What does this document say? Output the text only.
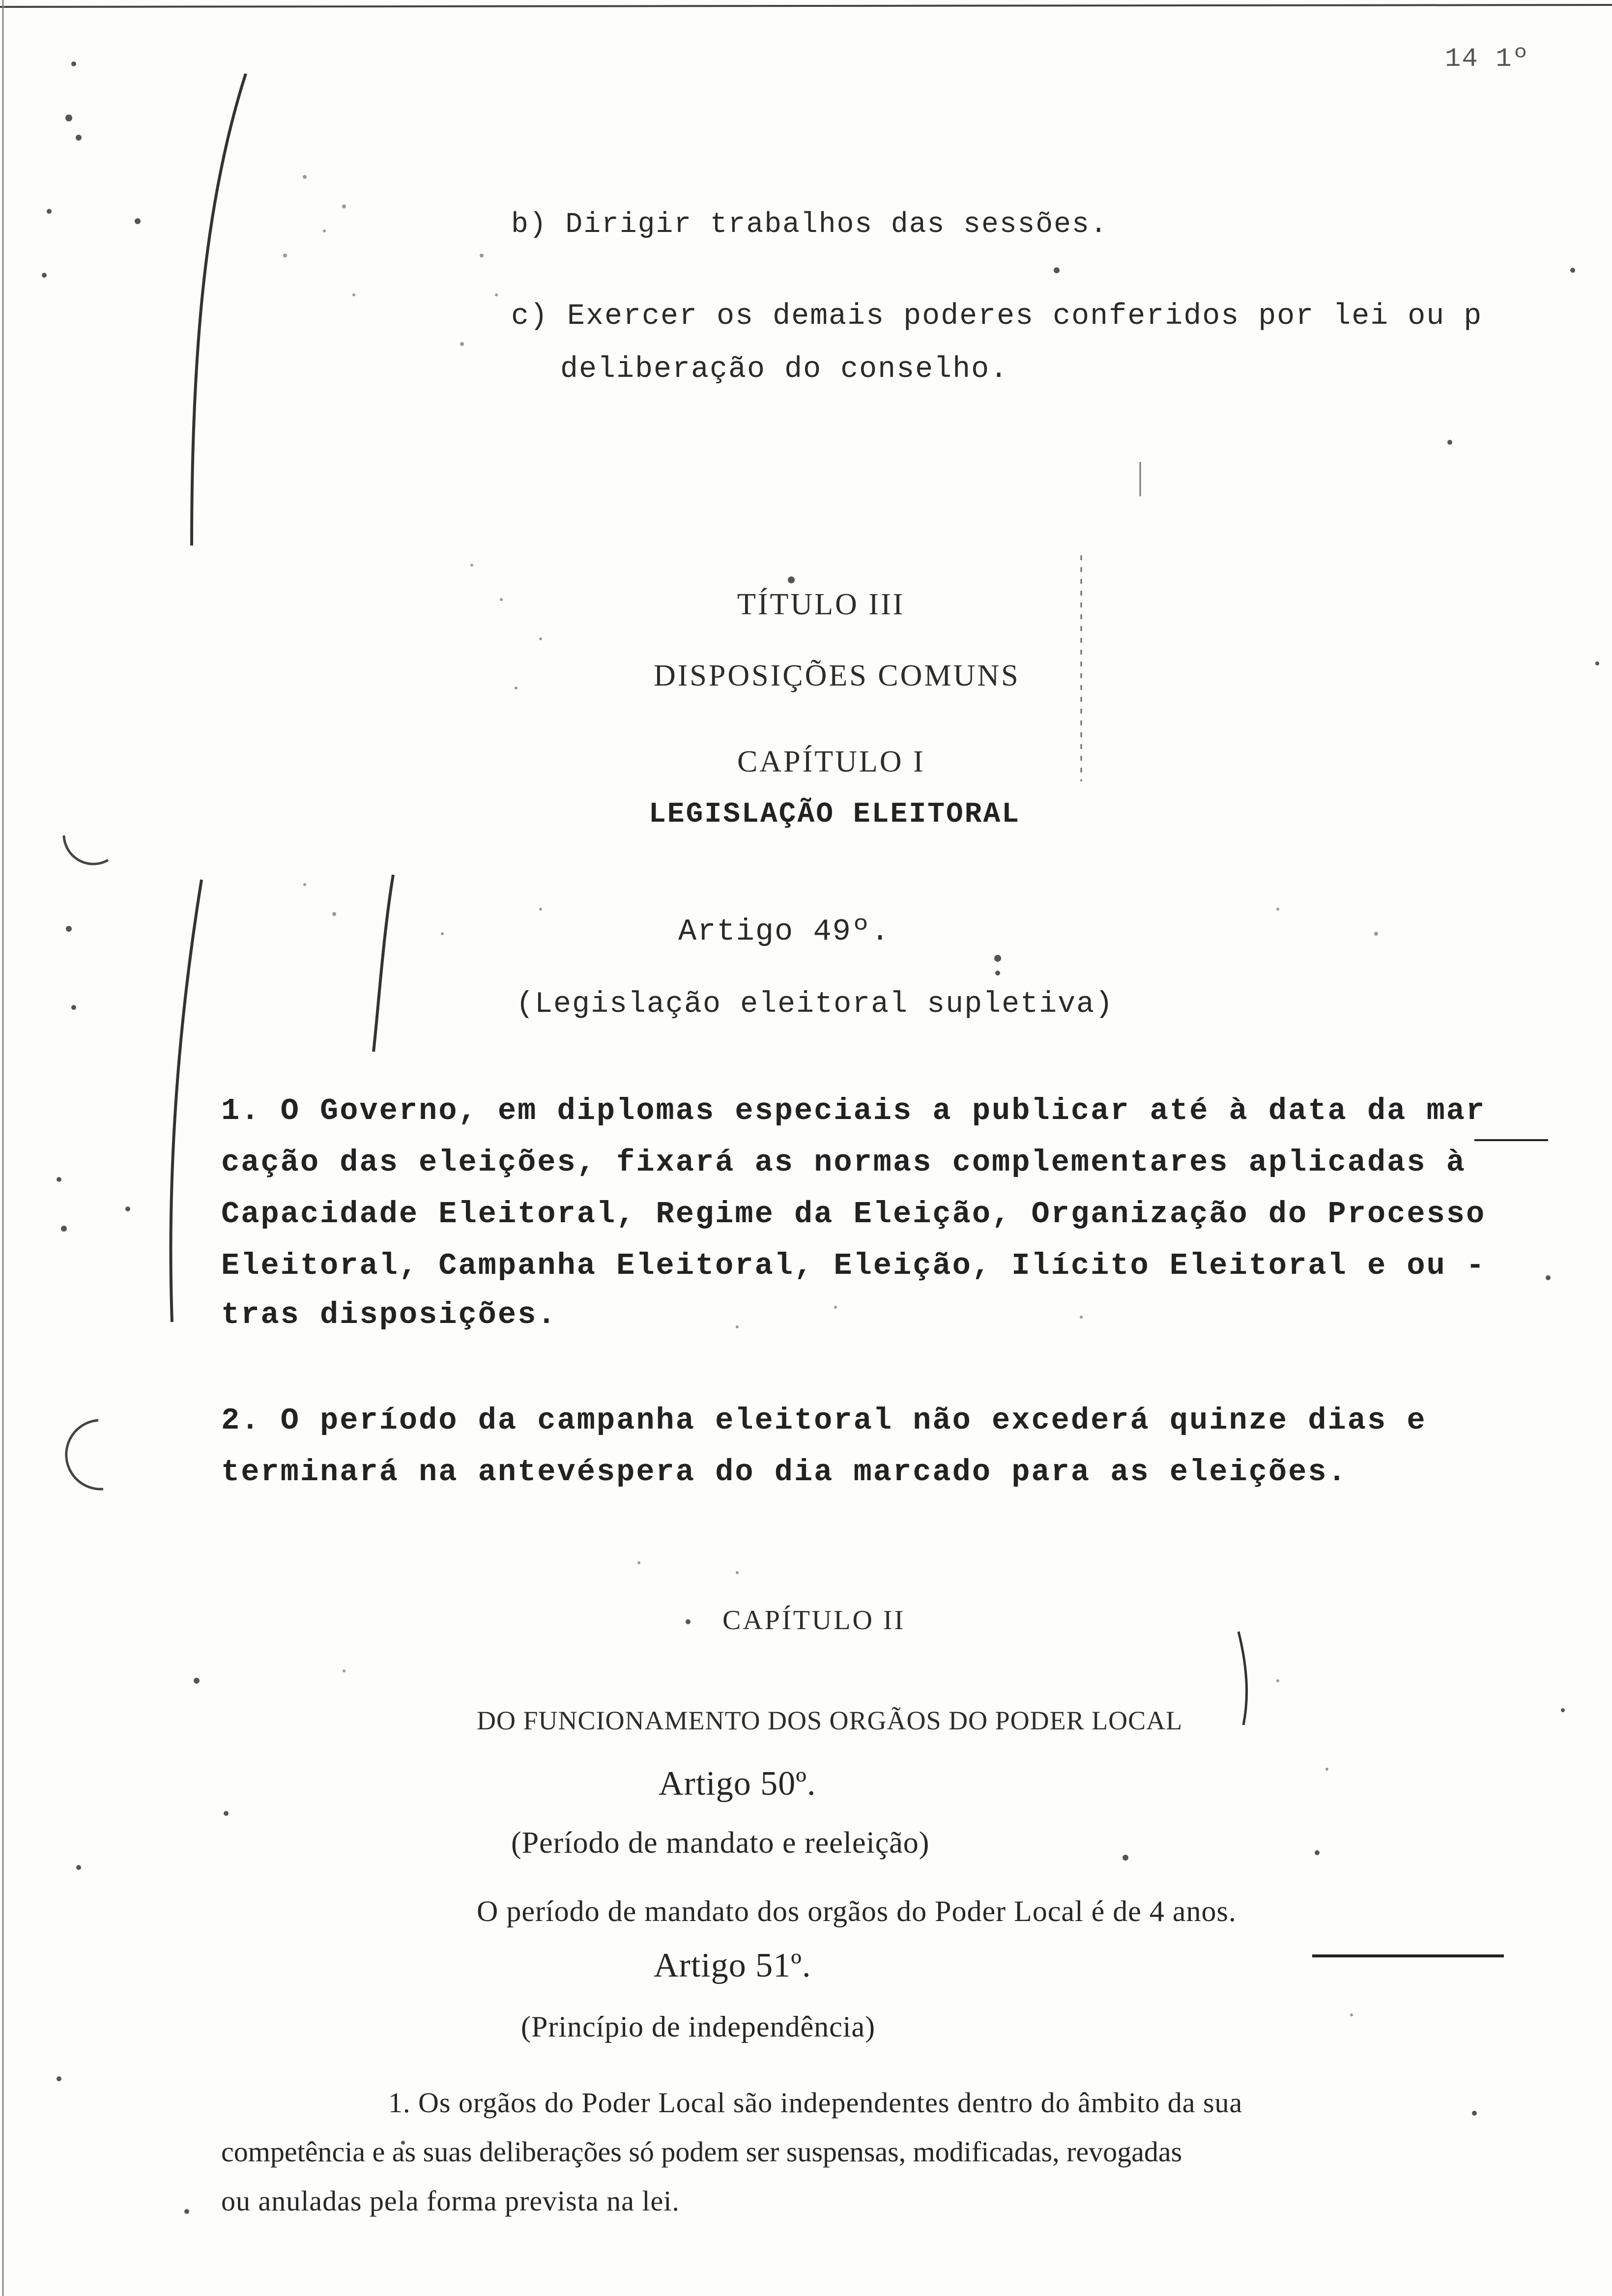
14 1º
b) Dirigir trabalhos das sessões.
c) Exercer os demais poderes conferidos por lei ou p
deliberação do conselho.
TÍTULO III
DISPOSIÇÕES COMUNS
CAPÍTULO I
LEGISLAÇÃO ELEITORAL
Artigo 49º.
(Legislação eleitoral supletiva)
1. O Governo, em diplomas especiais a publicar até à data da mar
cação das eleições, fixará as normas complementares aplicadas à
Capacidade Eleitoral, Regime da Eleição, Organização do Processo
Eleitoral, Campanha Eleitoral, Eleição, Ilícito Eleitoral e ou -
tras disposições.
2. O período da campanha eleitoral não excederá quinze dias e
terminará na antevéspera do dia marcado para as eleições.
CAPÍTULO II
DO FUNCIONAMENTO DOS ORGÃOS DO PODER LOCAL
Artigo 50º.
(Período de mandato e reeleição)
O período de mandato dos orgãos do Poder Local é de 4 anos.
Artigo 51º.
(Princípio de independência)
1. Os orgãos do Poder Local são independentes dentro do âmbito da sua
competência e as suas deliberações só podem ser suspensas, modificadas, revogadas
ou anuladas pela forma prevista na lei.
